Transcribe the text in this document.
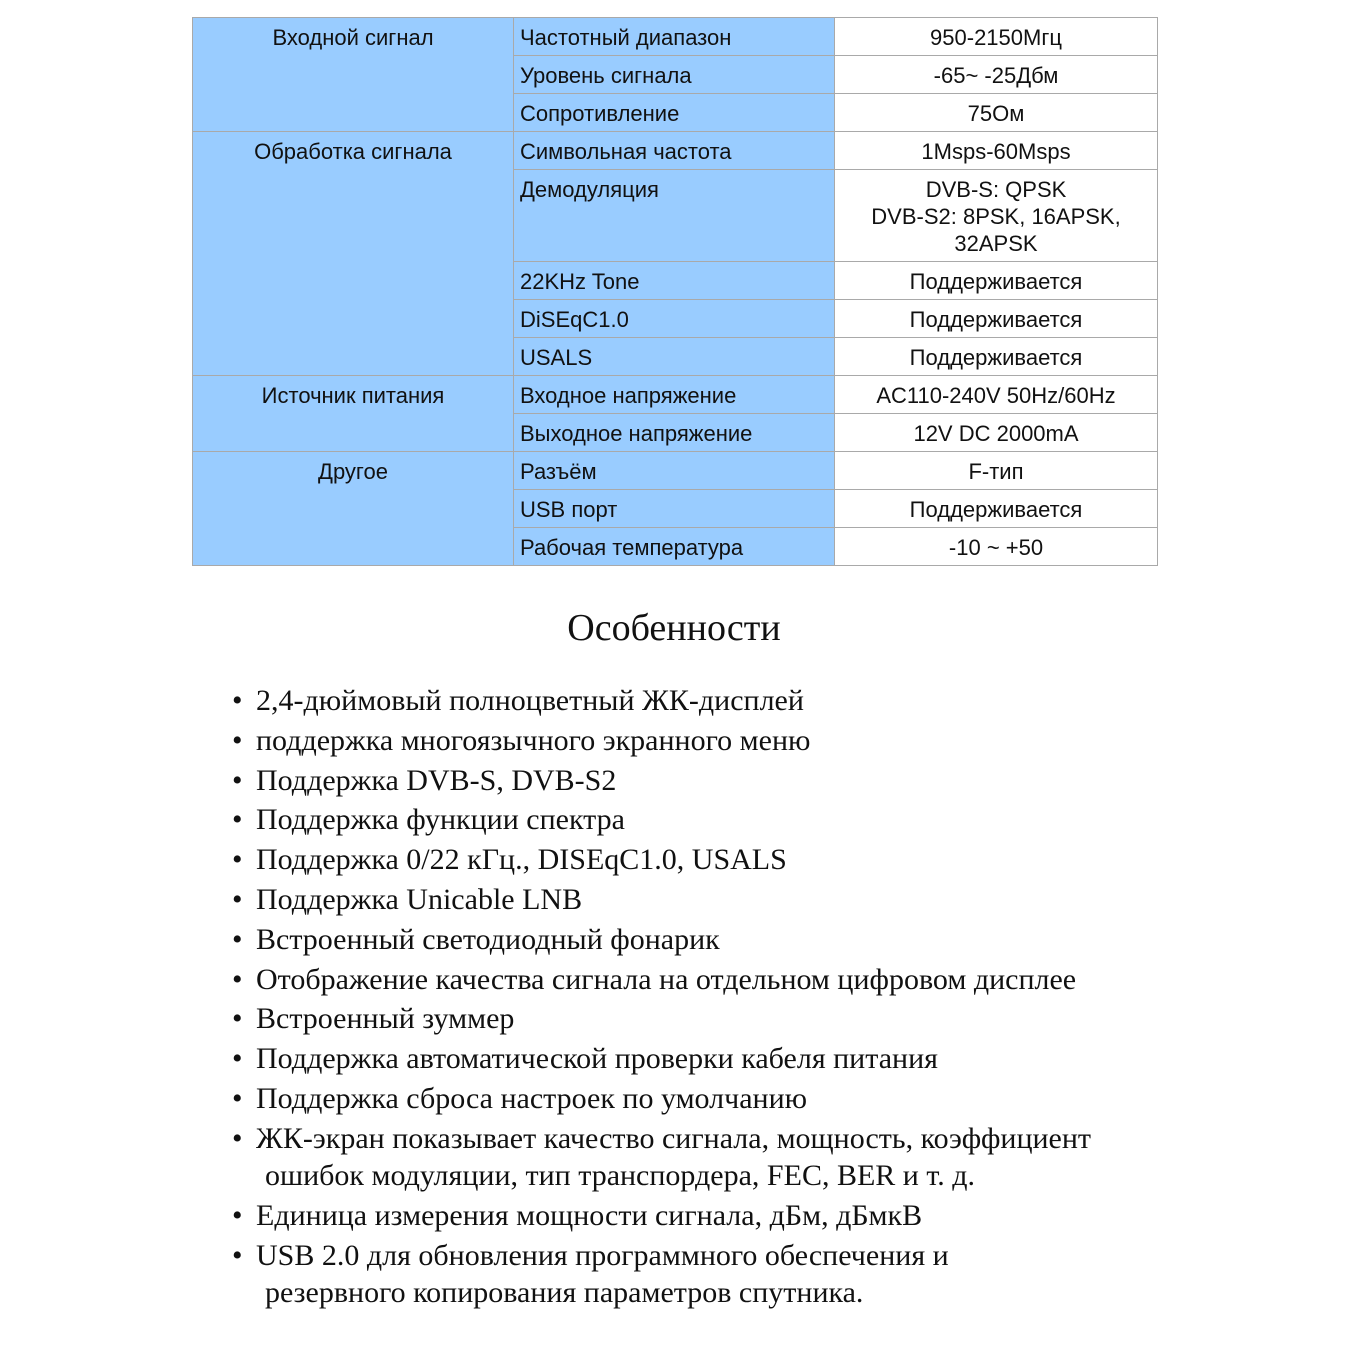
Входной сигнал	Частотный диапазон	950-2150Мгц

	Уровень сигнала	-65~ -25Дбм

	Сопротивление	75Ом

Обработка сигнала	Символьная частота	1Msps-60Msps

	Демодуляция	DVB-S: QPSK
DVB-S2: 8PSK, 16APSK,
32APSK

	22KHz Tone	Поддерживается

	DiSEqC1.0	Поддерживается

	USALS	Поддерживается

Источник питания	Входное напряжение	AC110-240V 50Hz/60Hz

	Выходное напряжение	12V DC 2000mA

Другое	Разъём	F-тип

	USB порт	Поддерживается

	Рабочая температура	-10 ~ +50
Особенности
• 2,4-дюймовый полноцветный ЖК-дисплей
• поддержка многоязычного экранного меню
• Поддержка DVB-S, DVB-S2
• Поддержка функции спектра
• Поддержка 0/22 кГц., DISEqC1.0, USALS
• Поддержка Unicable LNB
• Встроенный светодиодный фонарик
• Отображение качества сигнала на отдельном цифровом дисплее
• Встроенный зуммер
• Поддержка автоматической проверки кабеля питания
• Поддержка сброса настроек по умолчанию
• ЖК-экран показывает качество сигнала, мощность, коэффициент
ошибок модуляции, тип транспордера, FEC, BER и т. д.
• Единица измерения мощности сигнала, дБм, дБмкВ
• USB 2.0 для обновления программного обеспечения и
резервного копирования параметров спутника.
